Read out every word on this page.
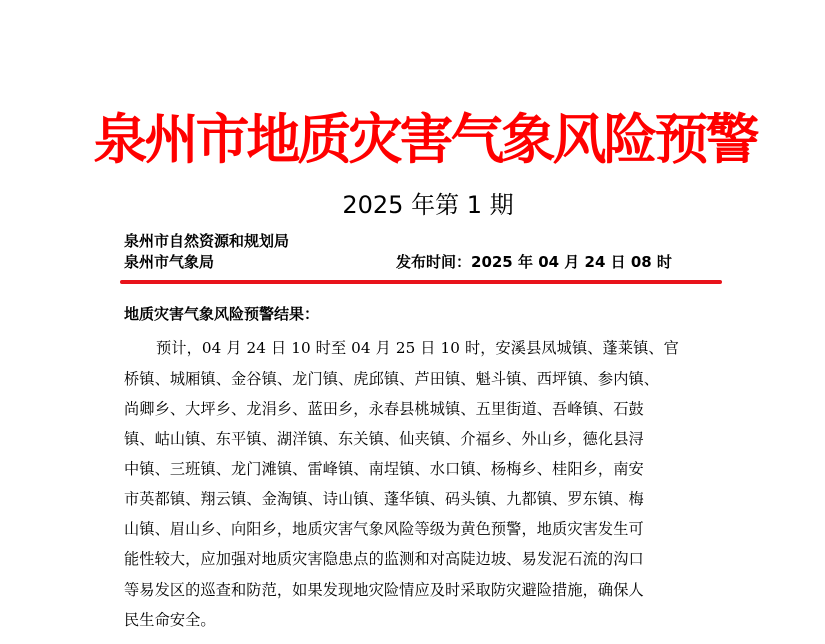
泉州市地质灾害气象风险预警
2025 年第 1 期
泉州市自然资源和规划局
泉州市气象局	发布时间：2025 年 04 月 24 日 08 时
地质灾害气象风险预警结果：
预计，04 月 24 日 10 时至 04 月 25 日 10 时，安溪县凤城镇、蓬莱镇、官
桥镇、城厢镇、金谷镇、龙门镇、虎邱镇、芦田镇、魁斗镇、西坪镇、参内镇、
尚卿乡、大坪乡、龙涓乡、蓝田乡，永春县桃城镇、五里街道、吾峰镇、石鼓
镇、岵山镇、东平镇、湖洋镇、东关镇、仙夹镇、介福乡、外山乡，德化县浔
中镇、三班镇、龙门滩镇、雷峰镇、南埕镇、水口镇、杨梅乡、桂阳乡，南安
市英都镇、翔云镇、金淘镇、诗山镇、蓬华镇、码头镇、九都镇、罗东镇、梅
山镇、眉山乡、向阳乡，地质灾害气象风险等级为黄色预警，地质灾害发生可
能性较大，应加强对地质灾害隐患点的监测和对高陡边坡、易发泥石流的沟口
等易发区的巡查和防范，如果发现地灾险情应及时采取防灾避险措施，确保人
民生命安全。
